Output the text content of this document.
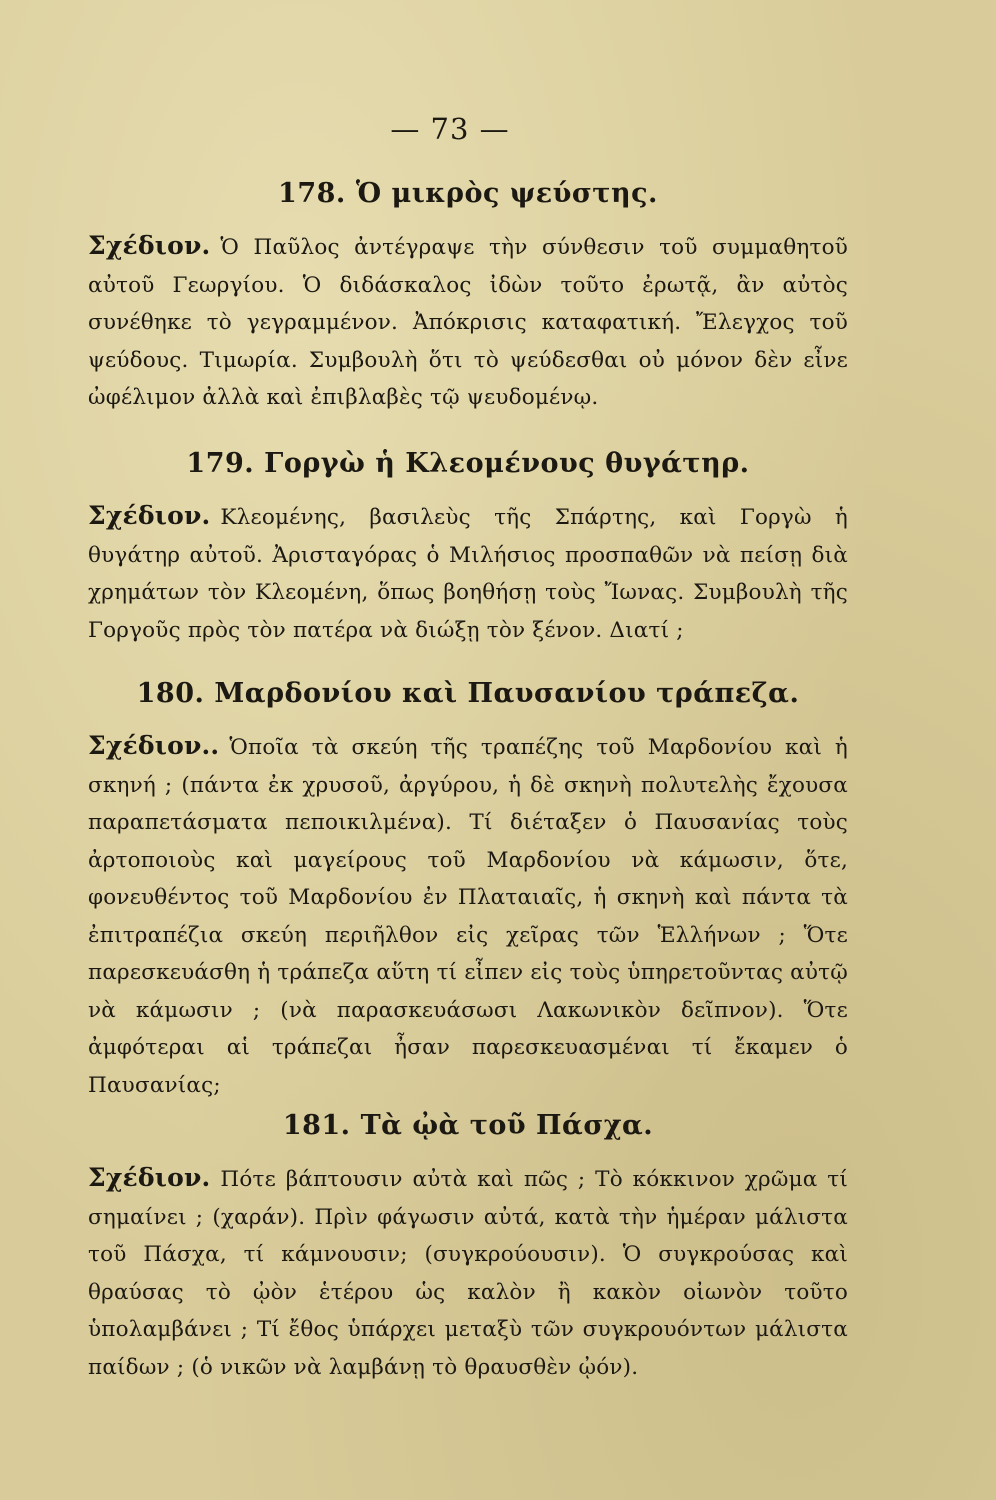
— 73 —
178. Ὁ μικρὸς ψεύστης.

Σχέδιον. Ὁ Παῦλος ἀντέγραψε τὴν σύνθεσιν τοῦ συμμαθητοῦ αὐτοῦ Γεωργίου. Ὁ διδάσκαλος ἰδὼν τοῦτο ἐρωτᾷ, ἂν αὐτὸς συνέθηκε τὸ γεγραμμένον. Ἀπόκρισις καταφατική. Ἔλεγχος τοῦ ψεύδους. Τιμωρία. Συμβουλὴ ὅτι τὸ ψεύδεσθαι οὐ μόνον δὲν εἶνε ὠφέλιμον ἀλλὰ καὶ ἐπιβλαβὲς τῷ ψευδομένῳ.

179. Γοργὼ ἡ Κλεομένους θυγάτηρ.

Σχέδιον. Κλεομένης, βασιλεὺς τῆς Σπάρτης, καὶ Γοργὼ ἡ θυγάτηρ αὐτοῦ. Ἀρισταγόρας ὁ Μιλήσιος προσπαθῶν νὰ πείσῃ διὰ χρημάτων τὸν Κλεομένη, ὅπως βοηθήσῃ τοὺς Ἴωνας. Συμβουλὴ τῆς Γοργοῦς πρὸς τὸν πατέρα νὰ διώξῃ τὸν ξένον. Διατί ;

180. Μαρδονίου καὶ Παυσανίου τράπεζα.

Σχέδιον.. Ὁποῖα τὰ σκεύη τῆς τραπέζης τοῦ Μαρδονίου καὶ ἡ σκηνή ; (πάντα ἐκ χρυσοῦ, ἀργύρου, ἡ δὲ σκηνὴ πολυτελὴς ἔχουσα παραπετάσματα πεποικιλμένα). Τί διέταξεν ὁ Παυσανίας τοὺς ἀρτοποιοὺς καὶ μαγείρους τοῦ Μαρδονίου νὰ κάμωσιν, ὅτε, φονευθέντος τοῦ Μαρδονίου ἐν Πλαταιαῖς, ἡ σκηνὴ καὶ πάντα τὰ ἐπιτραπέζια σκεύη περιῆλθον εἰς χεῖρας τῶν Ἑλλήνων ; Ὅτε παρεσκευάσθη ἡ τράπεζα αὕτη τί εἶπεν εἰς τοὺς ὑπηρετοῦντας αὐτῷ νὰ κάμωσιν ; (νὰ παρασκευάσωσι Λακωνικὸν δεῖπνον). Ὅτε ἀμφότεραι αἱ τράπεζαι ἦσαν παρεσκευασμέναι τί ἔκαμεν ὁ Παυσανίας;

181. Τὰ ᾠὰ τοῦ Πάσχα.

Σχέδιον. Πότε βάπτουσιν αὐτὰ καὶ πῶς ; Τὸ κόκκινον χρῶμα τί σημαίνει ; (χαράν). Πρὶν φάγωσιν αὐτά, κατὰ τὴν ἡμέραν μάλιστα τοῦ Πάσχα, τί κάμνουσιν; (συγκρούουσιν). Ὁ συγκρούσας καὶ θραύσας τὸ ᾠὸν ἑτέρου ὡς καλὸν ἢ κακὸν οἰωνὸν τοῦτο ὑπολαμβάνει ; Τί ἔθος ὑπάρχει μεταξὺ τῶν συγκρουόντων μάλιστα παίδων ; (ὁ νικῶν νὰ λαμβάνῃ τὸ θραυσθὲν ᾠόν).
